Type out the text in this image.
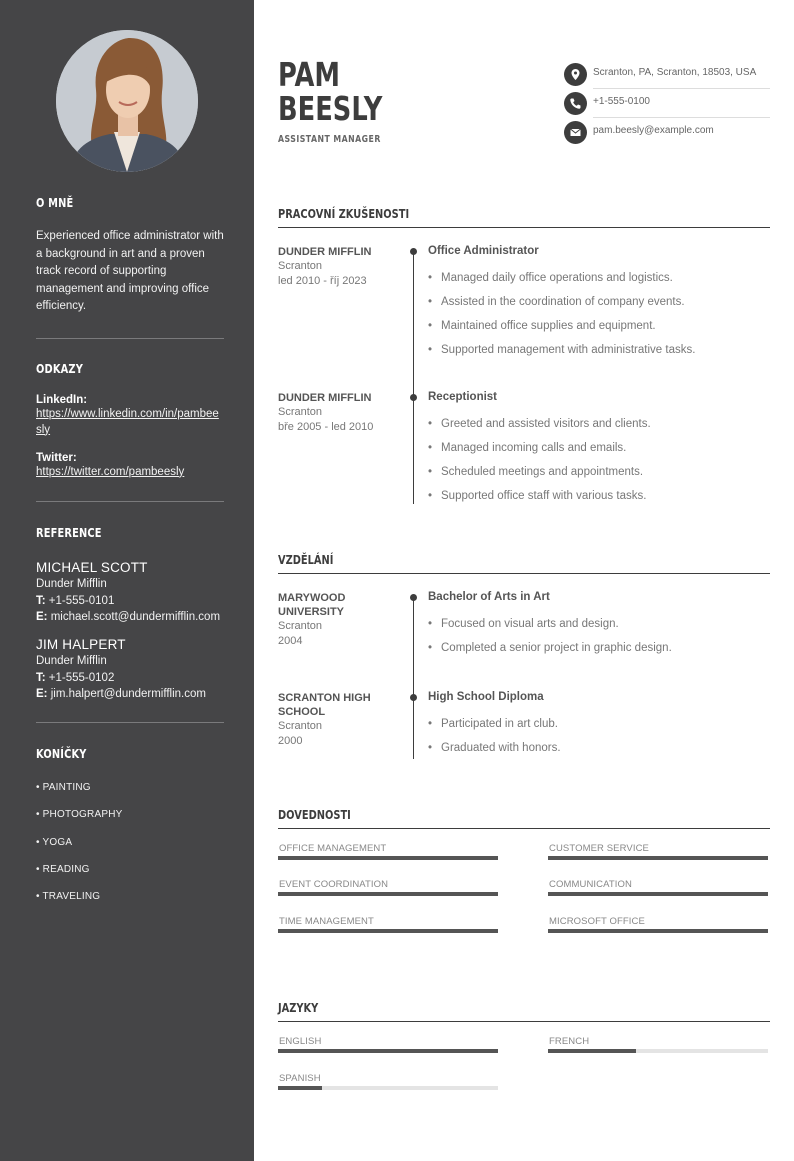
O MNĚ
Experienced office administrator with a background in art and a proven track record of supporting management and improving office efficiency.
ODKAZY
LinkedIn:
https://www.linkedin.com/in/pambeesly
Twitter:
https://twitter.com/pambeesly
REFERENCE
MICHAEL SCOTT
Dunder Mifflin
T: +1-555-0101
E: michael.scott@dundermifflin.com
JIM HALPERT
Dunder Mifflin
T: +1-555-0102
E: jim.halpert@dundermifflin.com
KONÍČKY
• PAINTING
• PHOTOGRAPHY
• YOGA
• READING
• TRAVELING
PAM
BEESLY
ASSISTANT MANAGER
Scranton, PA, Scranton, 18503, USA
+1-555-0100
pam.beesly@example.com
PRACOVNÍ ZKUŠENOSTI
DUNDER MIFFLIN
Scranton
led 2010 - říj 2023
Office Administrator
• Managed daily office operations and logistics.
• Assisted in the coordination of company events.
• Maintained office supplies and equipment.
• Supported management with administrative tasks.
DUNDER MIFFLIN
Scranton
bře 2005 - led 2010
Receptionist
• Greeted and assisted visitors and clients.
• Managed incoming calls and emails.
• Scheduled meetings and appointments.
• Supported office staff with various tasks.
VZDĚLÁNÍ
MARYWOOD
UNIVERSITY
Scranton
2004
Bachelor of Arts in Art
• Focused on visual arts and design.
• Completed a senior project in graphic design.
SCRANTON HIGH
SCHOOL
Scranton
2000
High School Diploma
• Participated in art club.
• Graduated with honors.
DOVEDNOSTI
OFFICE MANAGEMENT	CUSTOMER SERVICE
EVENT COORDINATION	COMMUNICATION
TIME MANAGEMENT	MICROSOFT OFFICE
JAZYKY
ENGLISH	FRENCH
SPANISH
